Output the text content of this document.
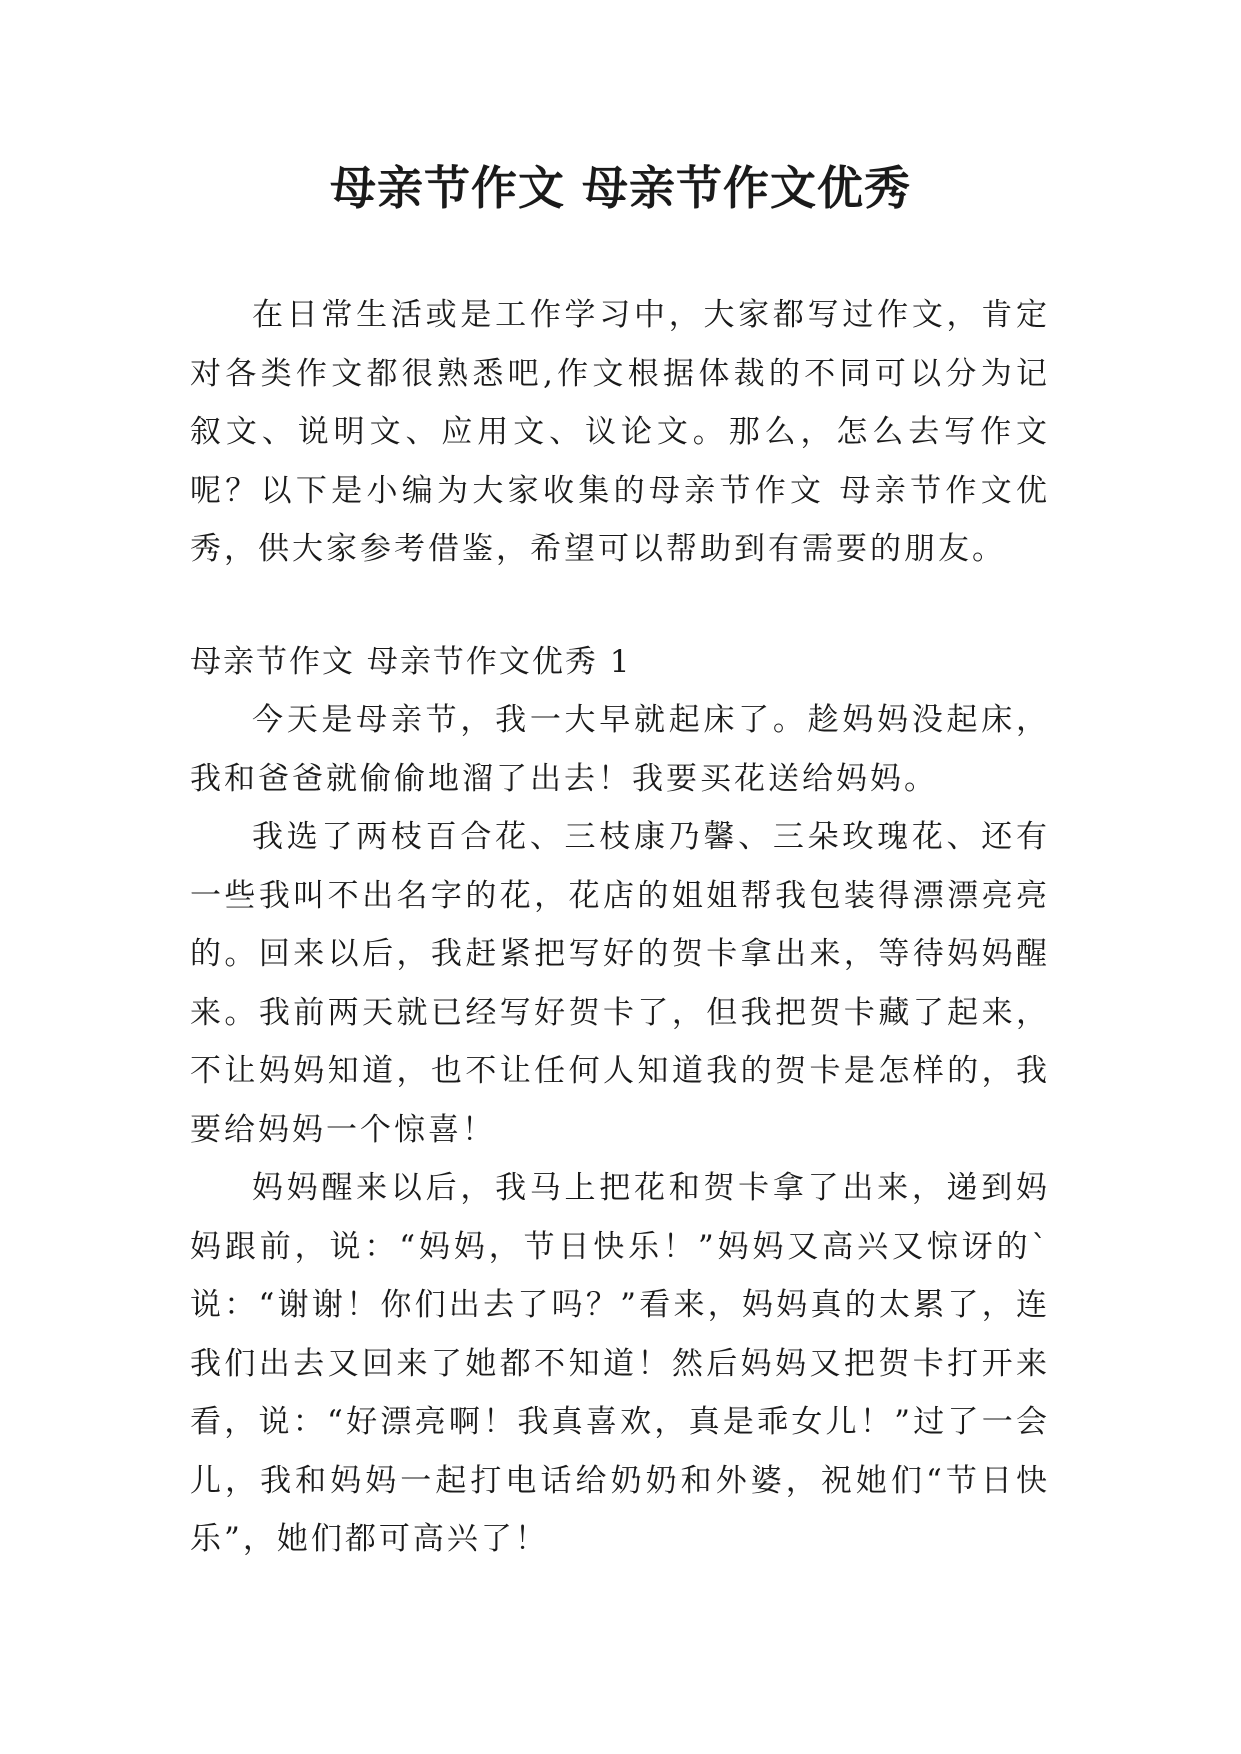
母亲节作文 母亲节作文优秀

在日常生活或是工作学习中，大家都写过作文，肯定对各类作文都很熟悉吧,作文根据体裁的不同可以分为记叙文、说明文、应用文、议论文。那么，怎么去写作文呢？以下是小编为大家收集的母亲节作文 母亲节作文优秀，供大家参考借鉴，希望可以帮助到有需要的朋友。

母亲节作文 母亲节作文优秀 1

今天是母亲节，我一大早就起床了。趁妈妈没起床，我和爸爸就偷偷地溜了出去！我要买花送给妈妈。

我选了两枝百合花、三枝康乃馨、三朵玫瑰花、还有一些我叫不出名字的花，花店的姐姐帮我包装得漂漂亮亮的。回来以后，我赶紧把写好的贺卡拿出来，等待妈妈醒来。我前两天就已经写好贺卡了，但我把贺卡藏了起来，不让妈妈知道，也不让任何人知道我的贺卡是怎样的，我要给妈妈一个惊喜！

妈妈醒来以后，我马上把花和贺卡拿了出来，递到妈妈跟前，说：“妈妈，节日快乐！”妈妈又高兴又惊讶的`说：“谢谢！你们出去了吗？”看来，妈妈真的太累了，连我们出去又回来了她都不知道！然后妈妈又把贺卡打开来看，说：“好漂亮啊！我真喜欢，真是乖女儿！”过了一会儿，我和妈妈一起打电话给奶奶和外婆，祝她们“节日快乐”，她们都可高兴了！
